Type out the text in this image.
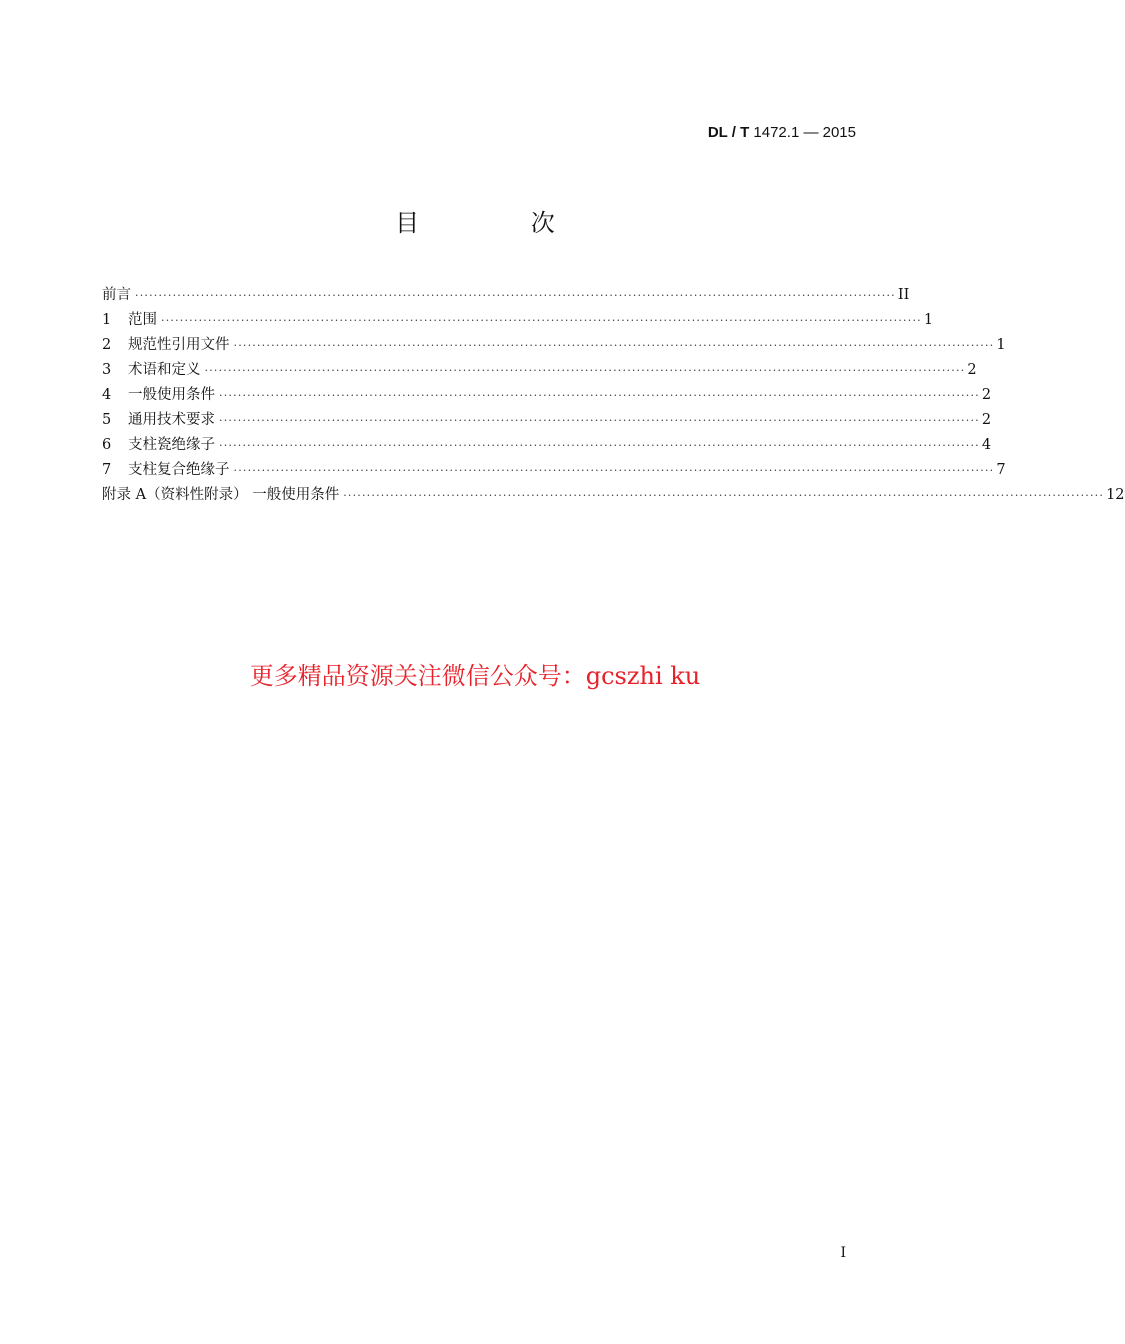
DL / T 1472.1 — 2015
目 次
前言 ·································································································································································· II
1 范围 ·································································································································································· 1
2 规范性引用文件 ·································································································································································· 1
3 术语和定义 ·································································································································································· 2
4 一般使用条件 ·································································································································································· 2
5 通用技术要求 ·································································································································································· 2
6 支柱瓷绝缘子 ·································································································································································· 4
7 支柱复合绝缘子 ·································································································································································· 7
附录 A（资料性附录） 一般使用条件 ·································································································································································· 12
更多精品资源关注微信公众号：gcszhi ku
I
